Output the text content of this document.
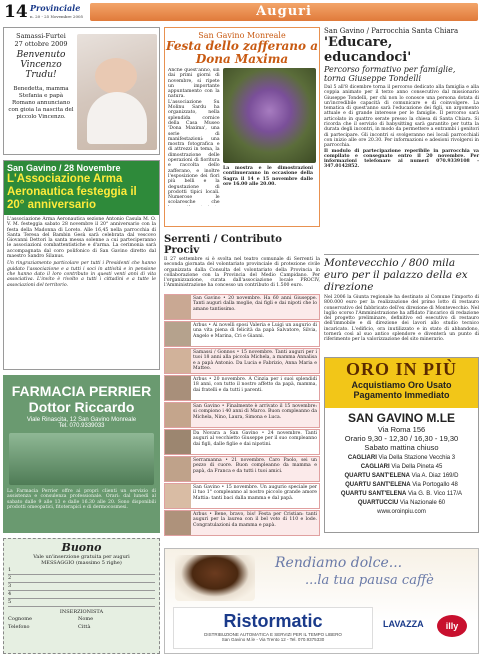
14 Provinciale
n. 20 - 25 Novembre 2005	Auguri
Samassi-Furtei
27 ottobre 2009
Benvenuto
Vincenzo
Trudu!
Benedetta, mamma Stefania e papà Romano annunciano con gioia la nascita del piccolo Vincenzo.
San Gavino / 28 Novembre
L'Associazione Arma Aeronautica festeggia il 20° anniversario
L'associazione Arma Aeronautica sezione Antonio Casula M. O. V. M. festeggia sabato 28 novembre il 20° anniversario con la festa della Madonna di Loreto. Alle 16,45 nella parrocchia di Santa Teresa del Bambin Gesù sarà celebrata dal vescovo Giovanni Dettori la santa messa solenne a cui parteciperanno le associazioni combattentistiche e d'arma. La cerimonia sarà accompagnata dal coro polifonico di San Gavino diretto dal maestro Sandro Silanus.
Un ringraziamento particolare per tutti i Presidenti che hanno guidato l'associazione e a tutti i soci in attività e in pensione che hanno dato il loro contributo in questi venti anni di vita associativa. L'invito è rivolto a tutti i cittadini e a tutte le associazioni del territorio.
FARMACIA PERRIER
Dottor Riccardo
Viale Rinascita, 12 San Gavino Monreale
Tel. 070.9339033
La Farmacia Perrier offre ai propri clienti un servizio di assistenza e consulenza professionale. Orari: dal lunedì al sabato dalle 9 alle 13 e dalle 16.30 alle 20. Sono disponibili prodotti omeopatici, fitoterapici e di dermocosmesi.
Buono
Vale un'inserzione gratuita per auguri
MESSAGGIO (massimo 5 righe)
1
2
3
4
5
INSERZIONISTA
Cognome	Nome
Telefono	Città
San Gavino Monreale
Festa dello zafferano a Dona Maxima
Anche quest'anno, sin dai primi giorni di novembre, si ripete un importante appuntamento con la natura. L'associazione Su Molinu Sardu ha organizzato, nella splendida cornice della Casa Museo 'Dona Maxima', una serie di manifestazioni: una mostra fotografica e di attrezzi in tema, la dimostrazione delle operazioni di fioritura e raccolta dello zafferano, e inoltre l'esposizione dei fiori più belli e la degustazione di prodotti tipici locali. Numerose le scolaresche che
La mostra e le dimostrazioni continueranno in occasione della Sagra il 14 e 15 novembre dalle ore 16.00 alle 20.00.
Serrenti / Contributo Prociv
Il 27 settembre si è svolta nel teatro comunale di Serrenti la seconda giornata del volontariato provinciale di protezione civile organizzata dalla Consulta del volontariato della Provincia in collaborazione con la Provincia del Medio Campidano. Per l'organizzazione, curata dall'associazione locale PROCIV, l'Amministrazione ha concesso un contributo di 1.500 euro.
San Gavino • 20 novembre. Ha 60 anni Giuseppe. Tanti auguri dalla moglie, dai figli e dai nipoti che lo amano tantissimo.
Arbus • Ai novelli sposi Valeria e Luigi un augurio di una vita piena di felicità da papà Salvatore, Silvia, Angelo e Marina, Cri e Gianni.
Samassi / Gonnos • 15 novembre. Tanti auguri per i tuoi 18 anni alla piccola Michela, a mamma Annalisa e a papà Antonio. Da Lucia e Fabrizio, Anna Maria e Matteo.
Arbus • 20 novembre. A Cinzia per i suoi splendidi 18 anni, con tutto il nostro affetto da papà, mamma, dai fratelli e da tutti i parenti.
San Gavino • Finalmente è arrivato il 15 novembre: si compiono i 40 anni di Marco. Buon compleanno da Michela, Nino, Laura, Simona e Luca.
Da Novara a San Gavino • 24 novembre. Tanti auguri al vecchietto Giuseppe per il suo compleanno dai figli, dalle figlie e dai nipotini.
Serramanna • 21 novembre. Caro Paolo, sei un pezzo di cuore. Buon compleanno da mamma e papà, da Franca e da tutti i tuoi amici.
San Gavino • 15 novembre. Un augurio speciale per il tuo 1° compleanno al nostro piccolo grande amore Mattia: tanti baci dalla mamma e dal papà.
Arbus • Bene, bravo, bis! Festa per Cristian: tanti auguri per la laurea con il bel voto di 110 e lode. Congratulazioni da mamma e papà.
San Gavino / Parrocchia Santa Chiara
'Educare, educandoci'
Percorso formativo per famiglie, torna Giuseppe Tondelli
Dal 5 all'8 dicembre torna il percorso dedicato alla famiglia e alla coppia animato per il terzo anno consecutivo dal missionario Giuseppe Tondelli, per chi non lo conosce una persona dotata di un'incredibile capacità di comunicare e di coinvolgere. La tematica di quest'anno sarà l'educazione dei figli, un argomento attuale e di grande interesse per le famiglie. Il percorso sarà articolato in quattro serate presso la chiesa di Santa Chiara. Si ricorda che il servizio di babysitting sarà garantito per tutta la durata degli incontri, in modo da permettere a entrambi i genitori di partecipare. Gli incontri si svolgeranno nei locali parrocchiali con inizio alle ore 20.30. Per informazioni e adesioni rivolgersi in parrocchia.
Il modulo di partecipazione reperibile in parrocchia va compilato e consegnato entro il 20 novembre. Per informazioni telefonare ai numeri 070.9339108 - 347.0142852.
Montevecchio / 800 mila euro per il palazzo della ex direzione
Nel 2006 la Giunta regionale ha destinato al Comune l'importo di 800.000 euro per la realizzazione del primo lotto di restauro conservativo del fabbricato dell'ex direzione di Montevecchio. Nel luglio scorso l'Amministrazione ha affidato l'incarico di redazione del progetto preliminare, definitivo ed esecutivo di restauro dell'immobile e di direzione dei lavori allo studio tecnico incaricato. L'edificio, ora inutilizzato e in stato di abbandono, tornerà così al suo antico splendore e diventerà un punto di riferimento per la valorizzazione del sito minerario.
ORO IN PIÙ
Acquistiamo Oro Usato
Pagamento Immediato
SAN GAVINO M.LE
Via Roma 156
Orario 9,30 - 12,30 / 16,30 - 19,30
Sabato mattina chiuso
CAGLIARI Via Della Stazione Vecchia 3
CAGLIARI Via Della Pineta 45
QUARTU SANT'ELENA Via A. Diaz 169/D
QUARTU SANT'ELENA Via Portogallo 48
QUARTU SANT'ELENA Via G. B. Vico 117/A
QUARTUCCIU Via Nazionale 60
www.oroinpiu.com
Rendiamo dolce...
...la tua pausa caffè
Ristormatic
DISTRIBUZIONE AUTOMATICA E SERVIZI PER IL TEMPO LIBERO
San Gavino M.le - Via Trento 12 - Tel. 070.9375330
LAVAZZA	illy
